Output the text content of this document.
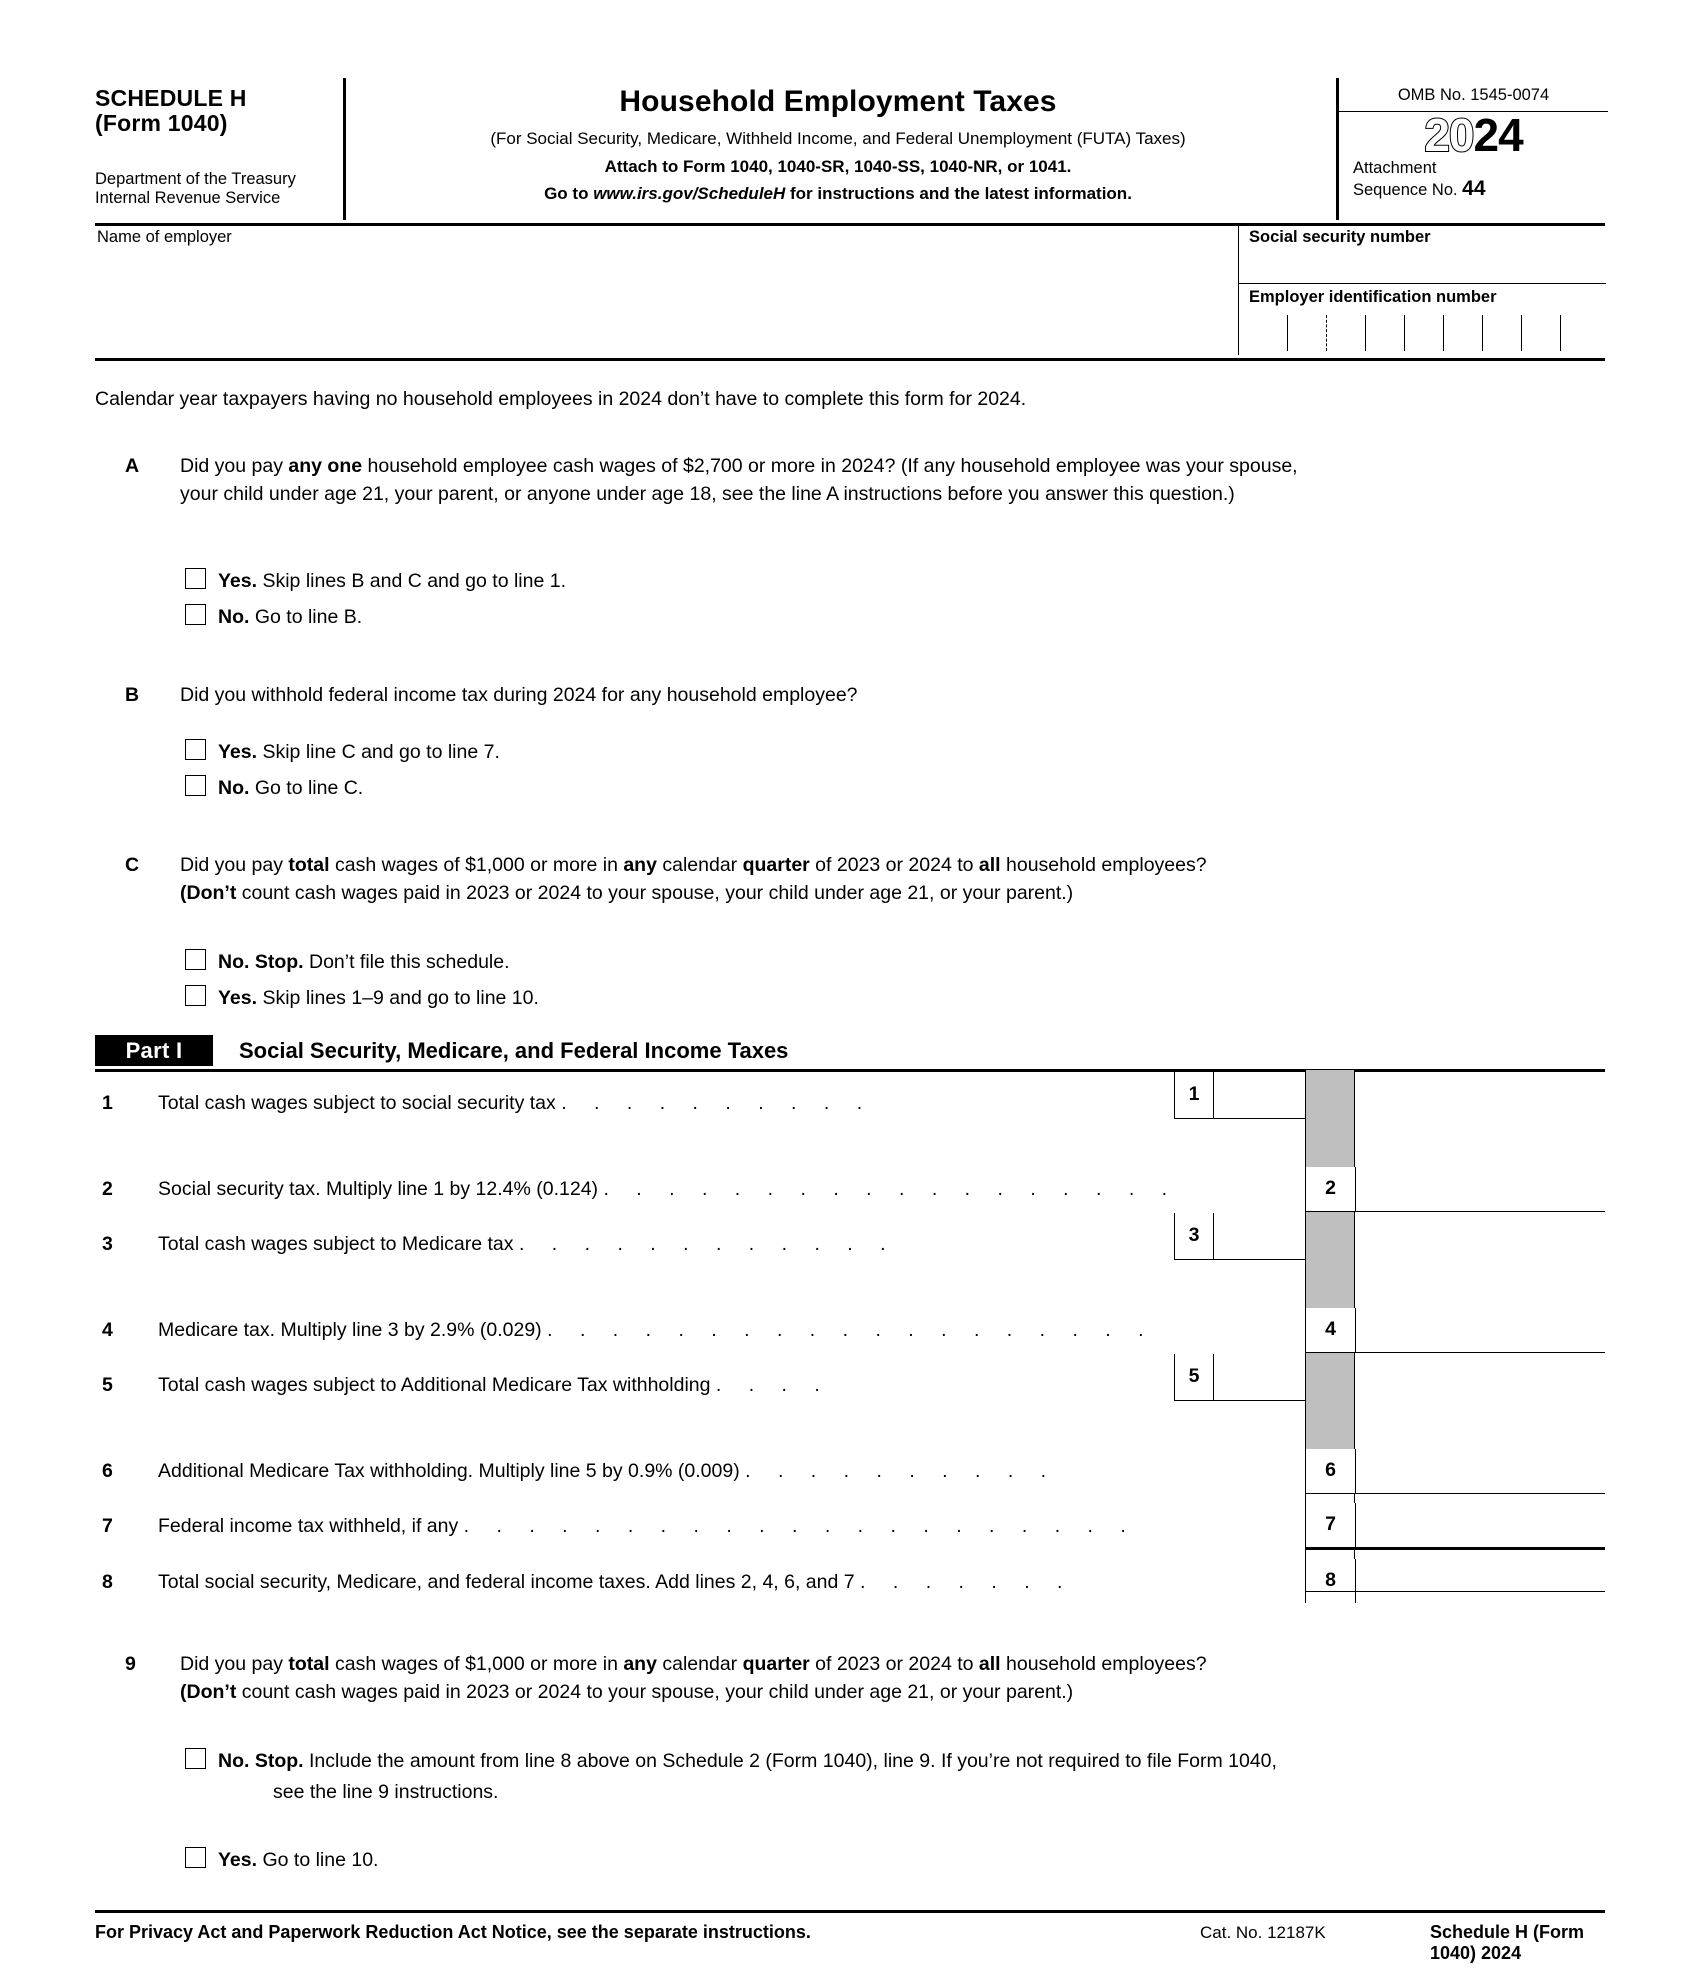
SCHEDULE H
(Form 1040)
Department of the Treasury
Internal Revenue Service
Household Employment Taxes
(For Social Security, Medicare, Withheld Income, and Federal Unemployment (FUTA) Taxes)
Attach to Form 1040, 1040-SR, 1040-SS, 1040-NR, or 1041.
Go to www.irs.gov/ScheduleH for instructions and the latest information.
OMB No. 1545-0074
2024
Attachment
Sequence No. 44
Name of employer	Social security number
Employer identification number
Calendar year taxpayers having no household employees in 2024 don’t have to complete this form for 2024.
A Did you pay any one household employee cash wages of $2,700 or more in 2024? (If any household employee was your spouse,
your child under age 21, your parent, or anyone under age 18, see the line A instructions before you answer this question.)
Yes. Skip lines B and C and go to line 1.
No. Go to line B.
B Did you withhold federal income tax during 2024 for any household employee?
Yes. Skip line C and go to line 7.
No. Go to line C.
C Did you pay total cash wages of $1,000 or more in any calendar quarter of 2023 or 2024 to all household employees?
(Don’t count cash wages paid in 2023 or 2024 to your spouse, your child under age 21, or your parent.)
No. Stop. Don’t file this schedule.
Yes. Skip lines 1–9 and go to line 10.
Part I	Social Security, Medicare, and Federal Income Taxes
1 Total cash wages subject to social security tax . . . . . . . . . .	1
2 Social security tax. Multiply line 1 by 12.4% (0.124) . . . . . . . . . . . . . . . . . .	2
3 Total cash wages subject to Medicare tax . . . . . . . . . . . .	3
4 Medicare tax. Multiply line 3 by 2.9% (0.029) . . . . . . . . . . . . . . . . . . .	4
5 Total cash wages subject to Additional Medicare Tax withholding . . . .	5
6 Additional Medicare Tax withholding. Multiply line 5 by 0.9% (0.009) . . . . . . . . . .	6
7 Federal income tax withheld, if any . . . . . . . . . . . . . . . . . . . . .	7
8 Total social security, Medicare, and federal income taxes. Add lines 2, 4, 6, and 7 . . . . . . .	8
9 Did you pay total cash wages of $1,000 or more in any calendar quarter of 2023 or 2024 to all household employees?
(Don’t count cash wages paid in 2023 or 2024 to your spouse, your child under age 21, or your parent.)
No. Stop. Include the amount from line 8 above on Schedule 2 (Form 1040), line 9. If you’re not required to file Form 1040,
see the line 9 instructions.
Yes. Go to line 10.
For Privacy Act and Paperwork Reduction Act Notice, see the separate instructions.	Cat. No. 12187K	Schedule H (Form 1040) 2024
